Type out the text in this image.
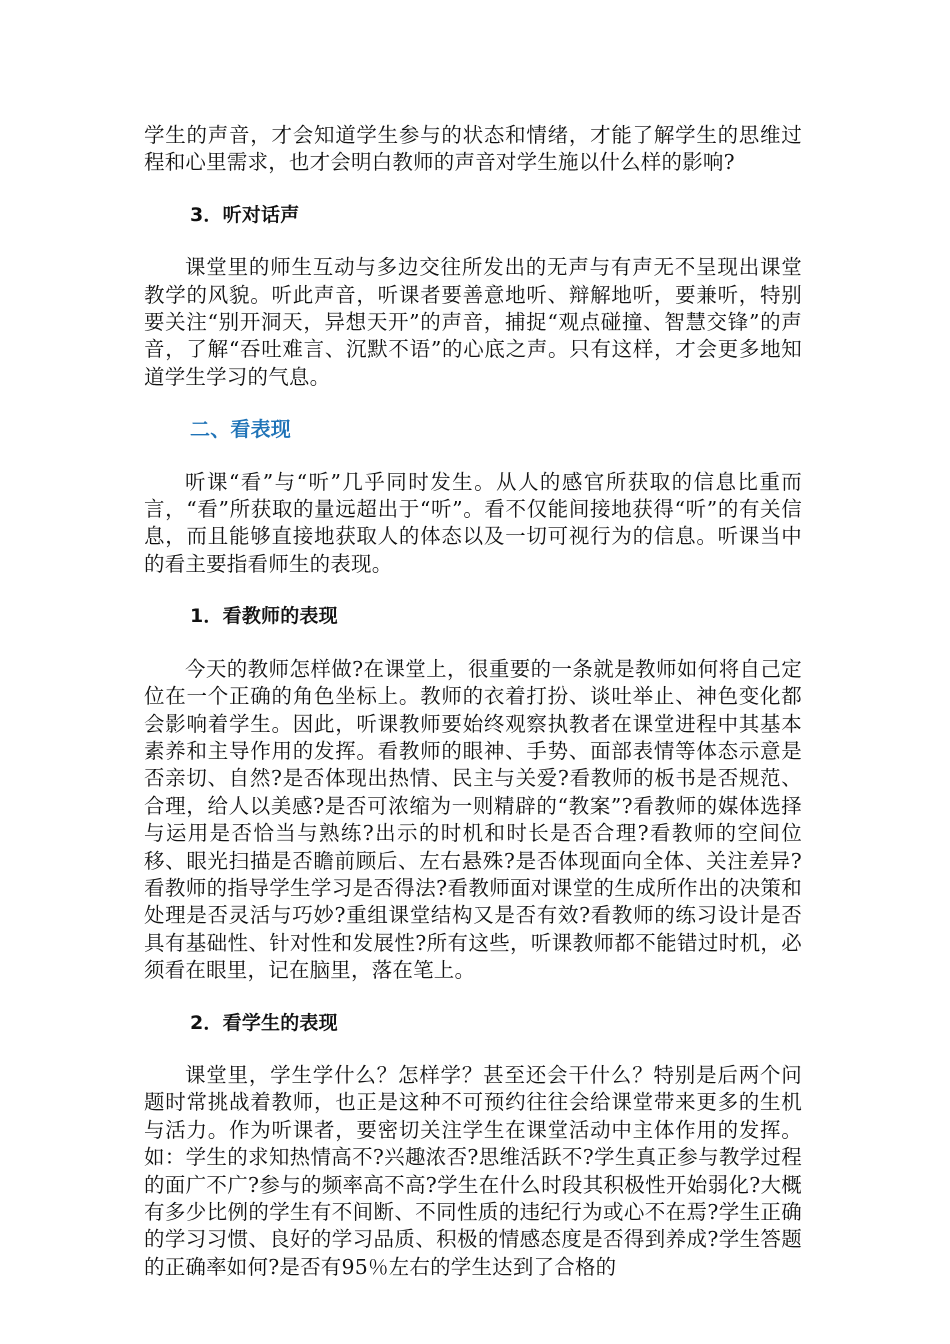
学生的声音，才会知道学生参与的状态和情绪，才能了解学生的思维过程和心里需求，也才会明白教师的声音对学生施以什么样的影响?

3．听对话声

课堂里的师生互动与多边交往所发出的无声与有声无不呈现出课堂教学的风貌。听此声音，听课者要善意地听、辩解地听，要兼听，特别要关注“别开洞天，异想天开”的声音，捕捉“观点碰撞、智慧交锋”的声音，了解“吞吐难言、沉默不语”的心底之声。只有这样，才会更多地知道学生学习的气息。

二、看表现

听课“看”与“听”几乎同时发生。从人的感官所获取的信息比重而言，“看”所获取的量远超出于“听”。看不仅能间接地获得“听”的有关信息，而且能够直接地获取人的体态以及一切可视行为的信息。听课当中的看主要指看师生的表现。

1．看教师的表现

今天的教师怎样做?在课堂上，很重要的一条就是教师如何将自己定位在一个正确的角色坐标上。教师的衣着打扮、谈吐举止、神色变化都会影响着学生。因此，听课教师要始终观察执教者在课堂进程中其基本素养和主导作用的发挥。看教师的眼神、手势、面部表情等体态示意是否亲切、自然?是否体现出热情、民主与关爱?看教师的板书是否规范、合理，给人以美感?是否可浓缩为一则精辟的“教案”?看教师的媒体选择与运用是否恰当与熟练?出示的时机和时长是否合理?看教师的空间位移、眼光扫描是否瞻前顾后、左右悬殊?是否体现面向全体、关注差异?看教师的指导学生学习是否得法?看教师面对课堂的生成所作出的决策和处理是否灵活与巧妙?重组课堂结构又是否有效?看教师的练习设计是否具有基础性、针对性和发展性?所有这些，听课教师都不能错过时机，必须看在眼里，记在脑里，落在笔上。

2．看学生的表现

课堂里，学生学什么？怎样学？甚至还会干什么？特别是后两个问题时常挑战着教师，也正是这种不可预约往往会给课堂带来更多的生机与活力。作为听课者，要密切关注学生在课堂活动中主体作用的发挥。如：学生的求知热情高不?兴趣浓否?思维活跃不?学生真正参与教学过程的面广不广?参与的频率高不高?学生在什么时段其积极性开始弱化?大概有多少比例的学生有不间断、不同性质的违纪行为或心不在焉?学生正确的学习习惯、良好的学习品质、积极的情感态度是否得到养成?学生答题的正确率如何?是否有95％左右的学生达到了合格的
